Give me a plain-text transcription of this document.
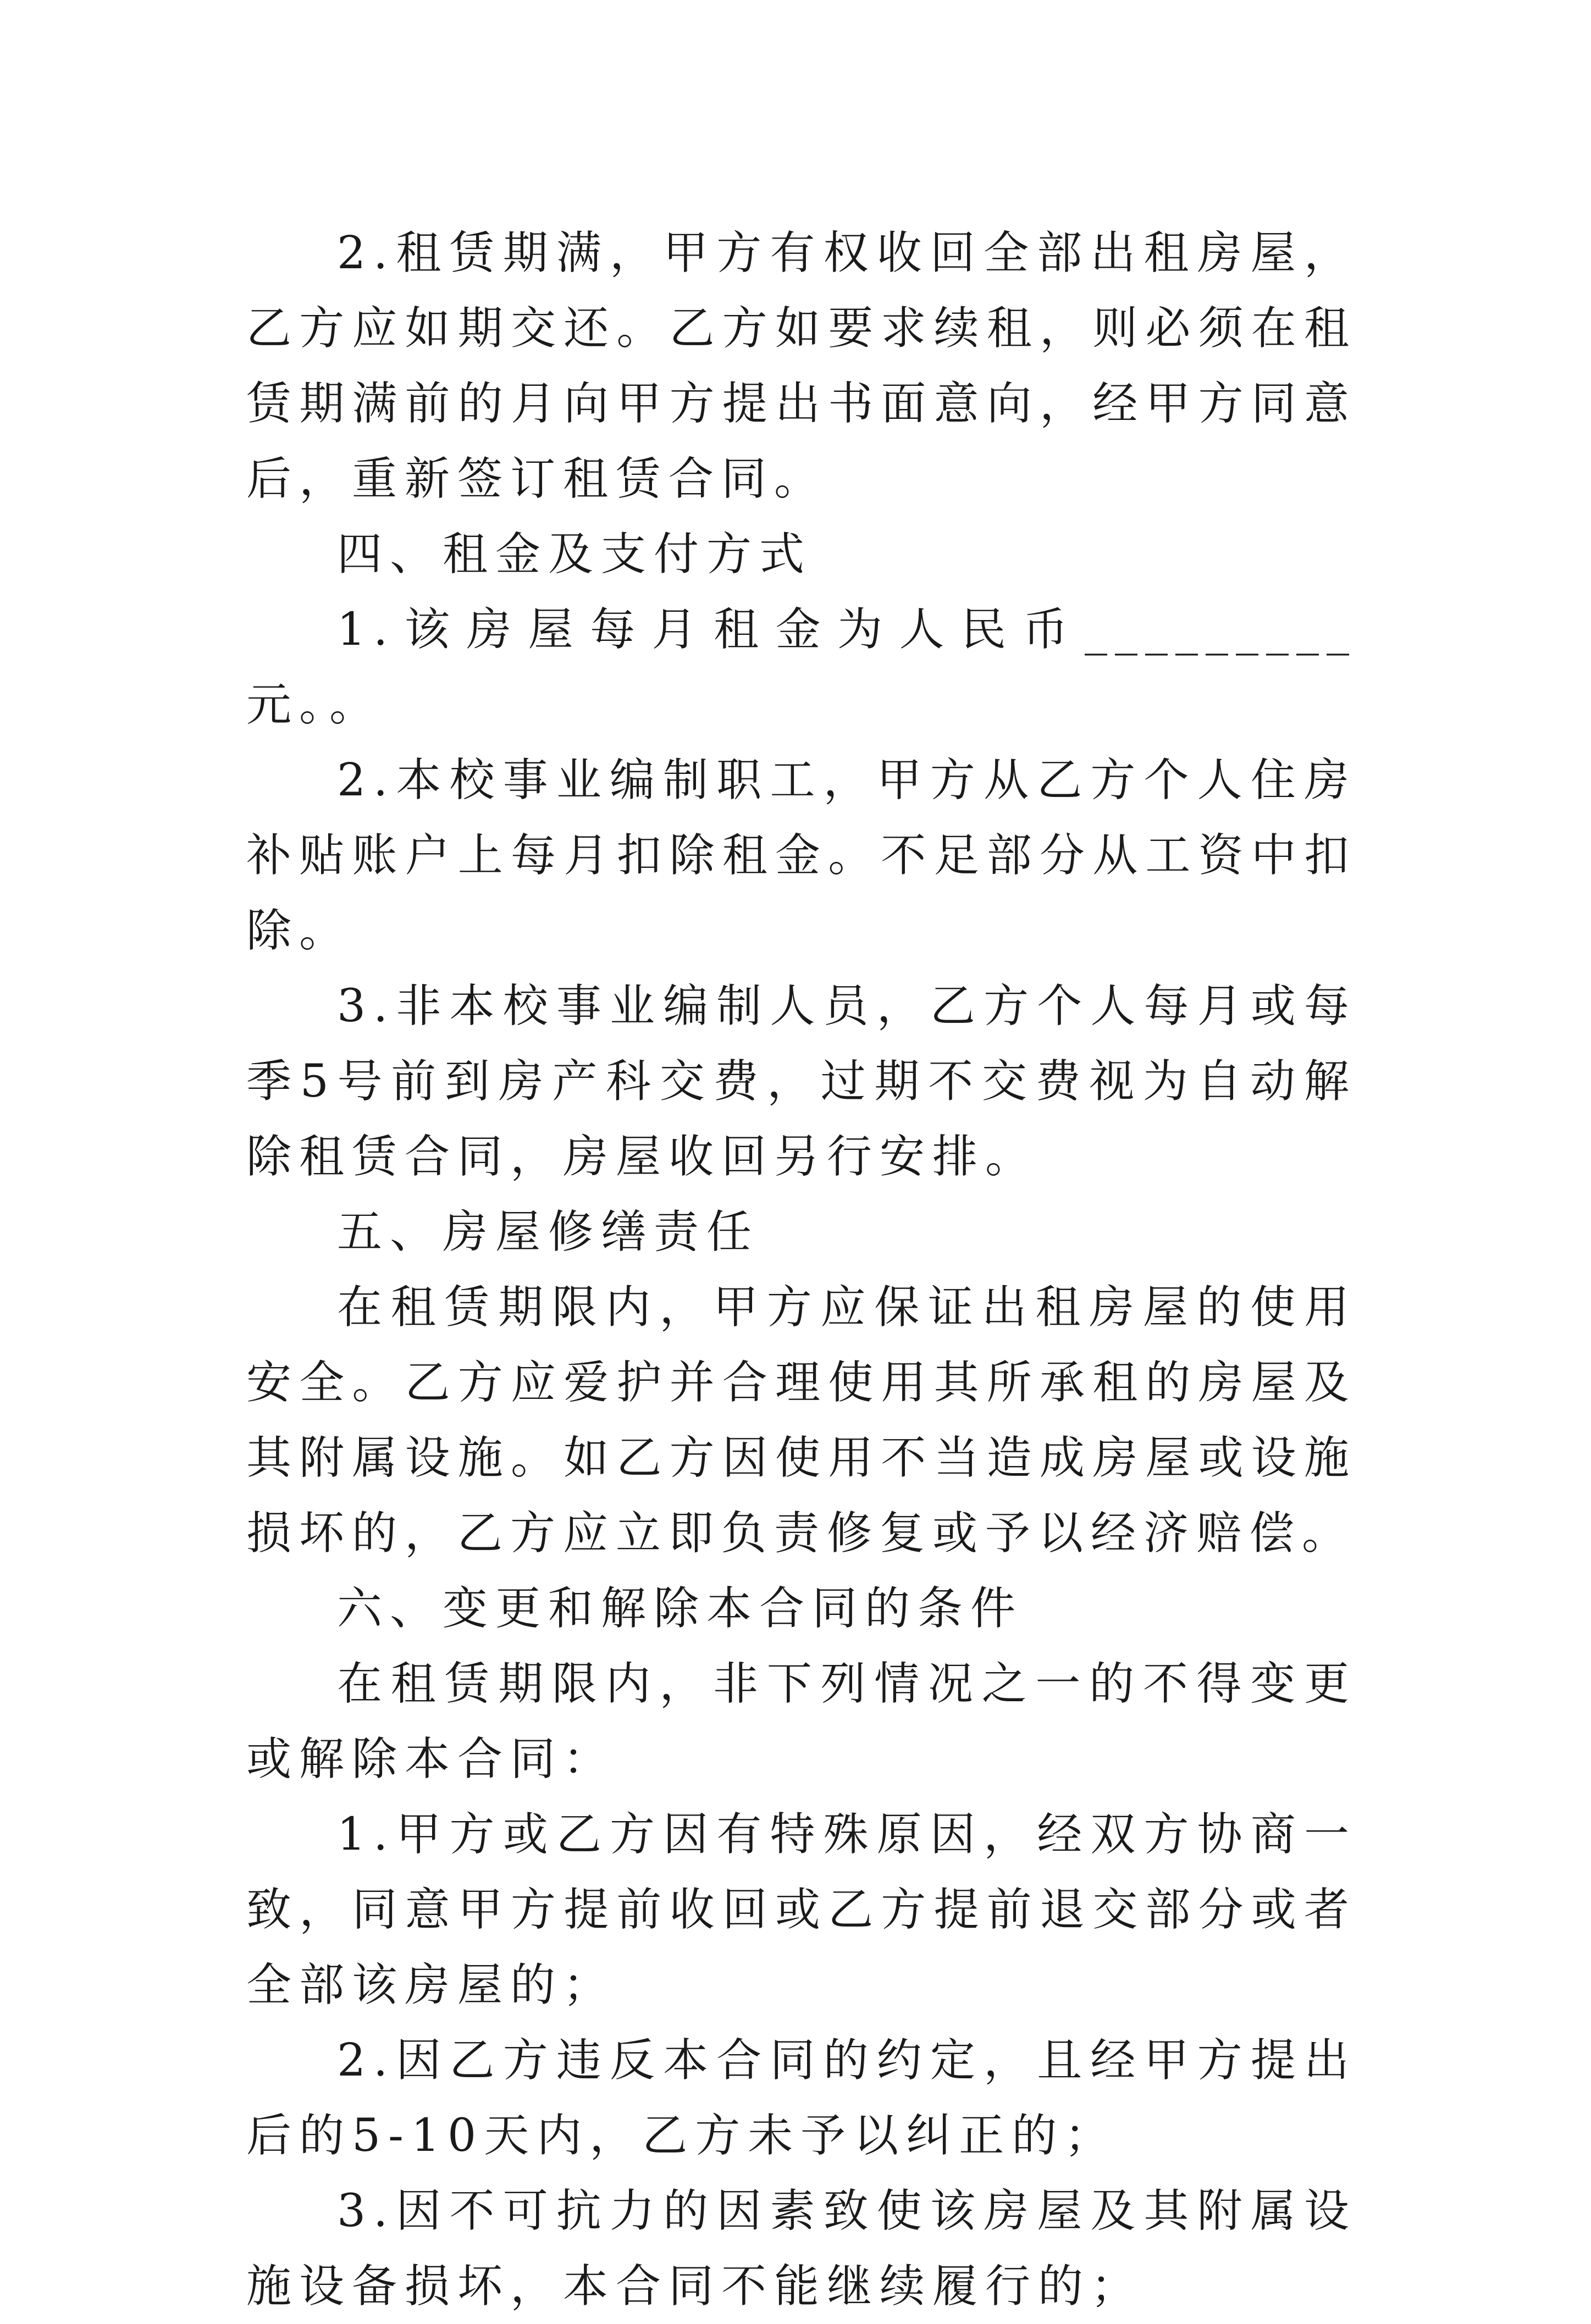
2.租赁期满，甲方有权收回全部出租房屋，乙方应如期交还。乙方如要求续租，则必须在租赁期满前的月向甲方提出书面意向，经甲方同意后，重新签订租赁合同。

四、租金及支付方式

1.该房屋每月租金为人民币_________元。。

2.本校事业编制职工，甲方从乙方个人住房补贴账户上每月扣除租金。不足部分从工资中扣除。

3.非本校事业编制人员，乙方个人每月或每季5号前到房产科交费，过期不交费视为自动解除租赁合同，房屋收回另行安排。

五、房屋修缮责任

在租赁期限内，甲方应保证出租房屋的使用安全。乙方应爱护并合理使用其所承租的房屋及其附属设施。如乙方因使用不当造成房屋或设施损坏的，乙方应立即负责修复或予以经济赔偿。

六、变更和解除本合同的条件

在租赁期限内，非下列情况之一的不得变更或解除本合同：

1.甲方或乙方因有特殊原因，经双方协商一致，同意甲方提前收回或乙方提前退交部分或者全部该房屋的；

2.因乙方违反本合同的约定，且经甲方提出后的5-10天内，乙方未予以纠正的；

3.因不可抗力的因素致使该房屋及其附属设施设备损坏，本合同不能继续履行的；
